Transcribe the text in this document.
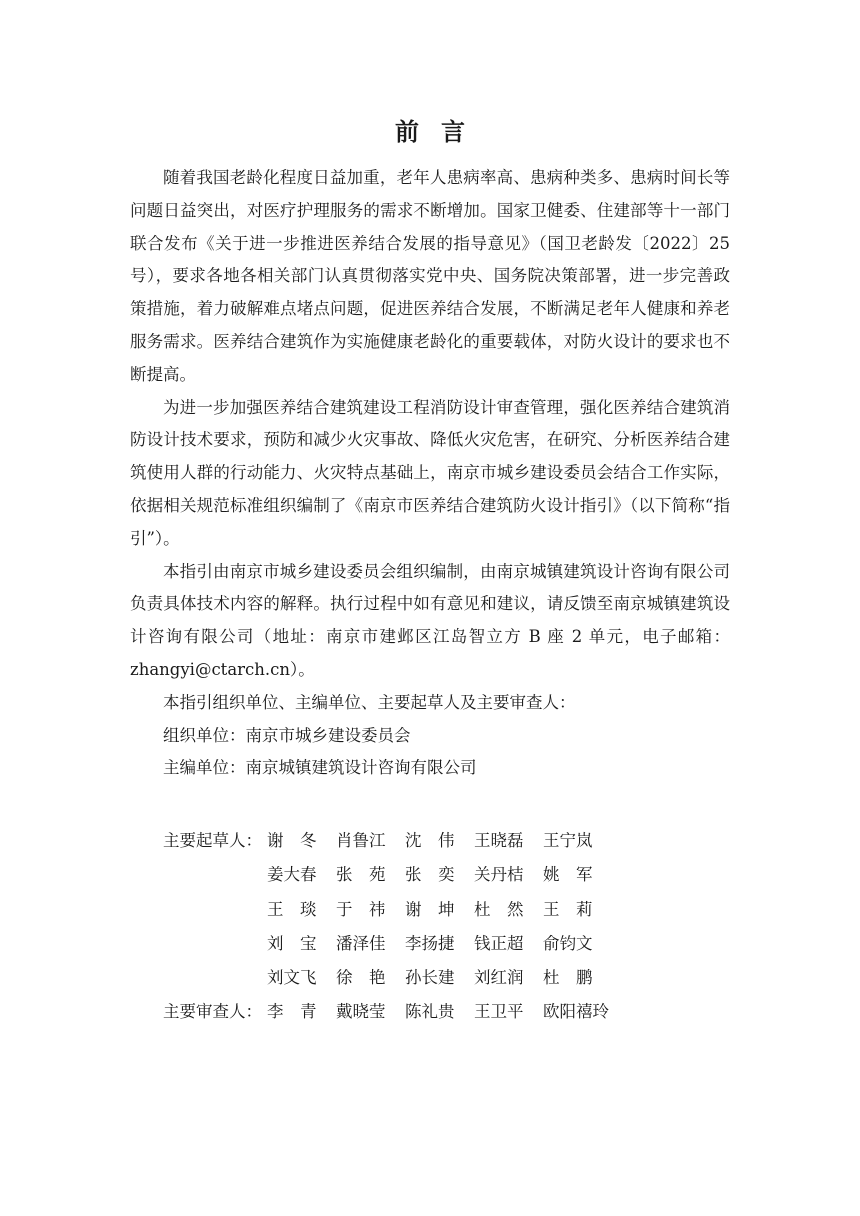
前言

随着我国老龄化程度日益加重，老年人患病率高、患病种类多、患病时间长等问题日益突出，对医疗护理服务的需求不断增加。国家卫健委、住建部等十一部门联合发布《关于进一步推进医养结合发展的指导意见》（国卫老龄发〔2022〕25 号），要求各地各相关部门认真贯彻落实党中央、国务院决策部署，进一步完善政策措施，着力破解难点堵点问题，促进医养结合发展，不断满足老年人健康和养老服务需求。医养结合建筑作为实施健康老龄化的重要载体，对防火设计的要求也不断提高。

为进一步加强医养结合建筑建设工程消防设计审查管理，强化医养结合建筑消防设计技术要求，预防和减少火灾事故、降低火灾危害，在研究、分析医养结合建筑使用人群的行动能力、火灾特点基础上，南京市城乡建设委员会结合工作实际，依据相关规范标准组织编制了《南京市医养结合建筑防火设计指引》（以下简称“指引”）。

本指引由南京市城乡建设委员会组织编制，由南京城镇建筑设计咨询有限公司负责具体技术内容的解释。执行过程中如有意见和建议，请反馈至南京城镇建筑设计咨询有限公司（地址：南京市建邺区江岛智立方 B 座 2 单元，电子邮箱：zhangyi@ctarch.cn）。

本指引组织单位、主编单位、主要起草人及主要审查人：

组织单位：南京市城乡建设委员会

主编单位：南京城镇建筑设计咨询有限公司

主要起草人： 谢　冬	肖鲁江	沈　伟	王晓磊	王宁岚
姜大春	张　苑	张　奕	关丹桔	姚　军
王　琰	于　祎	谢　坤	杜　然	王　莉
刘　宝	潘泽佳	李扬捷	钱正超	俞钧文
刘文飞	徐　艳	孙长建	刘红润	杜　鹏
主要审查人： 李　青	戴晓莹	陈礼贵	王卫平	欧阳禧玲
